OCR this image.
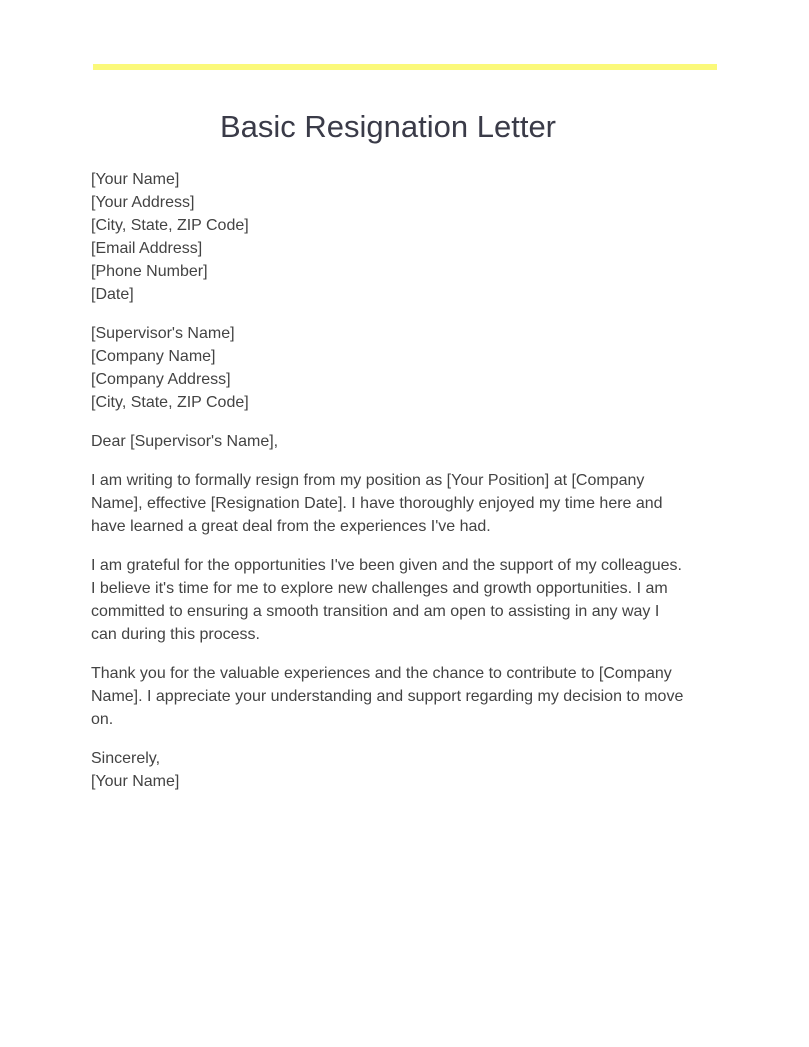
Basic Resignation Letter
[Your Name]
[Your Address]
[City, State, ZIP Code]
[Email Address]
[Phone Number]
[Date]
[Supervisor's Name]
[Company Name]
[Company Address]
[City, State, ZIP Code]
Dear [Supervisor's Name],
I am writing to formally resign from my position as [Your Position] at [Company
Name], effective [Resignation Date]. I have thoroughly enjoyed my time here and
have learned a great deal from the experiences I've had.
I am grateful for the opportunities I've been given and the support of my colleagues.
I believe it's time for me to explore new challenges and growth opportunities. I am
committed to ensuring a smooth transition and am open to assisting in any way I
can during this process.
Thank you for the valuable experiences and the chance to contribute to [Company
Name]. I appreciate your understanding and support regarding my decision to move
on.
Sincerely,
[Your Name]
